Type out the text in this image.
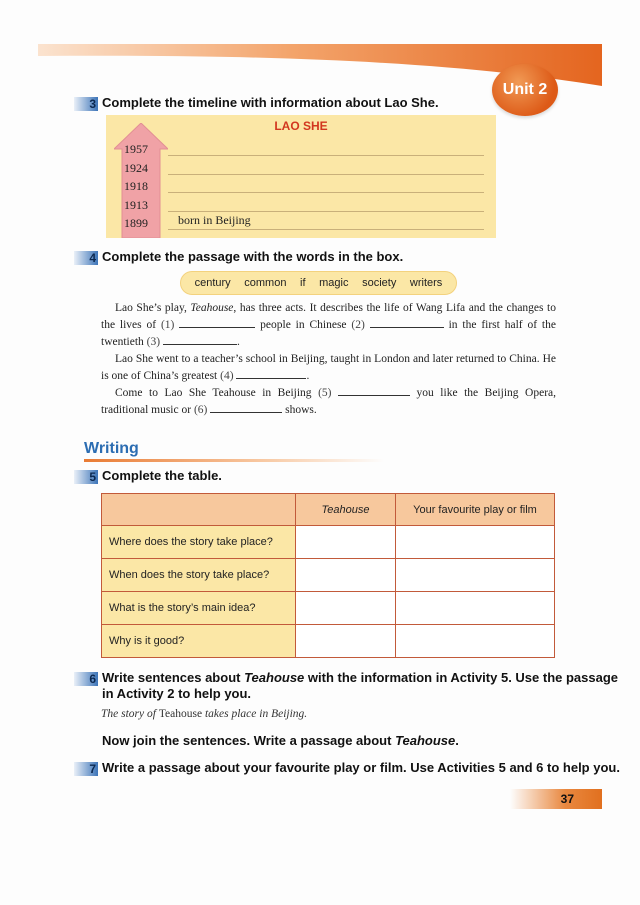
Unit 2
3 Complete the timeline with information about Lao She.
LAO SHE
1957
1924
1918
1913
1899	born in Beijing
4 Complete the passage with the words in the box.
century common if magic society writers

Lao She’s play, Teahouse, has three acts. It describes the life of Wang Lifa and the changes to the lives of (1)	people in Chinese (2)	in the first half of the twentieth (3)	.

Lao She went to a teacher’s school in Beijing, taught in London and later returned to China. He is one of China’s greatest (4)	.

Come to Lao She Teahouse in Beijing (5)	you like the Beijing Opera, traditional music or (6)	shows.

Writing
5 Complete the table.
	Teahouse	Your favourite play or film
Where does the story take place?		
When does the story take place?		
What is the story’s main idea?		
Why is it good?		
6 Write sentences about Teahouse with the information in Activity 5. Use the passage
in Activity 2 to help you.
The story of Teahouse takes place in Beijing.
Now join the sentences. Write a passage about Teahouse.
7 Write a passage about your favourite play or film. Use Activities 5 and 6 to help you.
37
